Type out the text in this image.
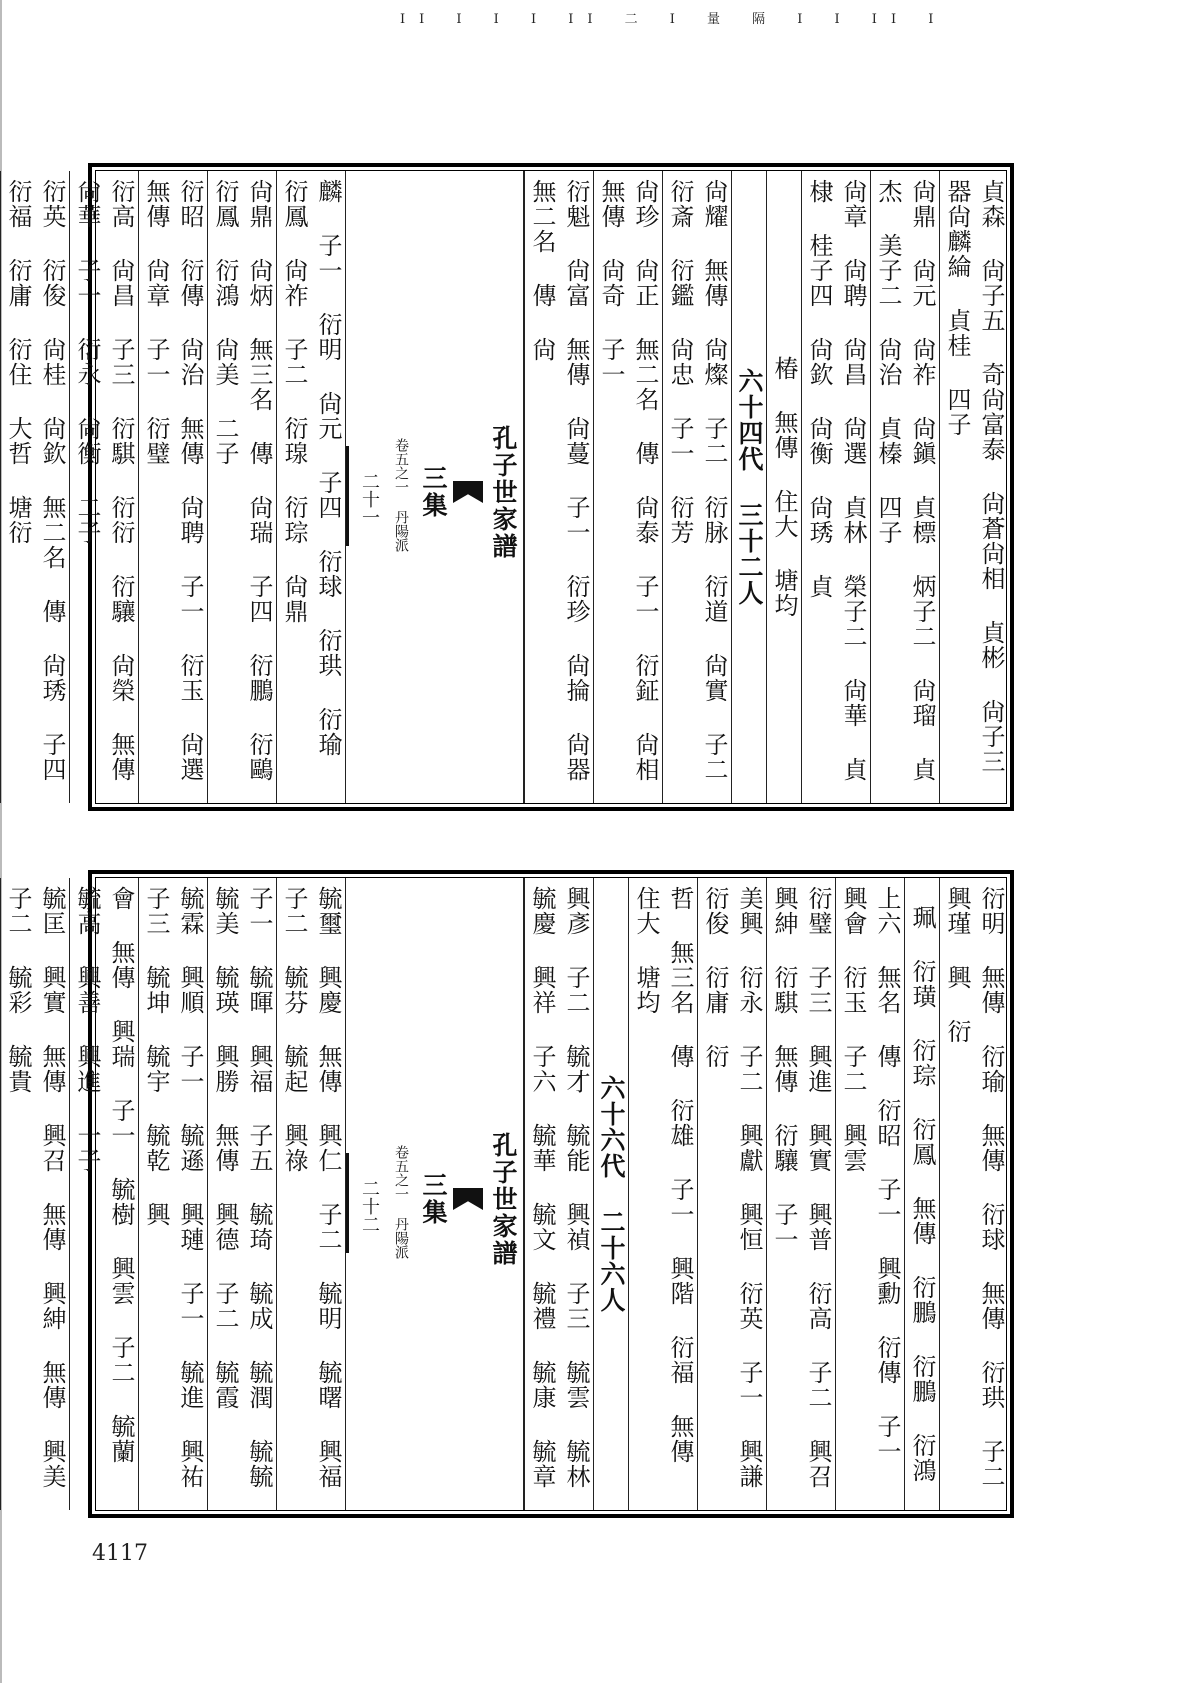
II I I I II 二 I 量 隔 I I II I
貞森 尙子五 奇尙富泰 尙蒼尙相 貞彬 尙子三 器尙麟綸 貞桂 四子
尙鼎 尙元 尙祚 尙鎭 貞標 炳子二 尙瑠 貞杰 美子二 尙治 貞榛 四子
尙章 尙聘 尙昌 尙選 貞林 榮子二 尙華 貞棣 桂子四 尙欽 尙衡 尙琇 貞
椿 無傳 住大 塘均
六十四代 三十二人
尙耀 無傳 尙燦 子二 衍脉 衍道 尙實 子二 衍斎 衍鑑 尙忠 子一 衍芳
尙珍 尙正 無二名 傳 尙泰 子一 衍鉦 尙相 無傳 尙奇 子一
衍魁 尙富 無傳 尙蔓 子一 衍珍 尙掄 尙器 無二名 傳 尙
孔子世家譜
三集
卷五之一 丹陽派
二十一
麟 子一 衍明 尙元 子四 衍球 衍珙 衍瑜 衍鳳 尙祚 子二 衍瑔 衍琮 尙鼎
尙鼎 尙炳 無三名 傳 尙瑞 子四 衍鵬 衍鷗 衍鳳 衍鴻 尙美 二子
衍昭 衍傳 尙治 無傳 尙聘 子一 衍玉 尙選 無傳 尙章 子一 衍璧
衍高 尙昌 子三 衍騏 衍衍 衍驤 尙榮 無傳 尙華 子一 衍永 尙衡 二子
衍英 衍俊 尙桂 尙欽 無二名 傳 尙琇 子四 衍福 衍庸 衍住 大哲 塘衍
衍明 無傳 衍瑜 無傳 衍球 無傳 衍珙 子二 興瑾 興 衍
珮 衍璜 衍琮 衍鳳 無傳 衍鵬 衍鵬 衍鴻
上六 無名 傳 衍昭 子一 興勳 衍傳 子一 興會 衍玉 子二 興雲
衍璧 子三 興進 興實 興普 衍高 子二 興召 興紳 衍騏 無傳 衍驤 子一
美興 衍永 子二 興獻 興恒 衍英 子一 興謙 衍俊 衍庸 衍
哲 無三名 傳 衍雄 子一 興階 衍福 無傳 住大 塘均
六十六代 二十六人
興彥 子二 毓才 毓能 興禎 子三 毓雲 毓林 毓慶 興祥 子六 毓華 毓文 毓禮 毓康 毓章
孔子世家譜
三集
卷五之一 丹陽派
二十二
毓璽 興慶 無傳 興仁 子二 毓明 毓曙 興福 子二 毓芬 毓起 興祿
子一 毓暉 興福 子五 毓琦 毓成 毓潤 毓毓 毓美 毓瑛 興勝 無傳 興德 子二 毓霞
毓霖 興順 子一 毓遜 興璉 子一 毓進 興祐 子三 毓坤 毓宇 毓乾 興
會 無傳 興瑞 子一 毓樹 興雲 子二 毓蘭 毓高 興善 興進 一子
毓匡 興實 無傳 興召 無傳 興紳 無傳 興美 子二 毓彩 毓貴
4117
